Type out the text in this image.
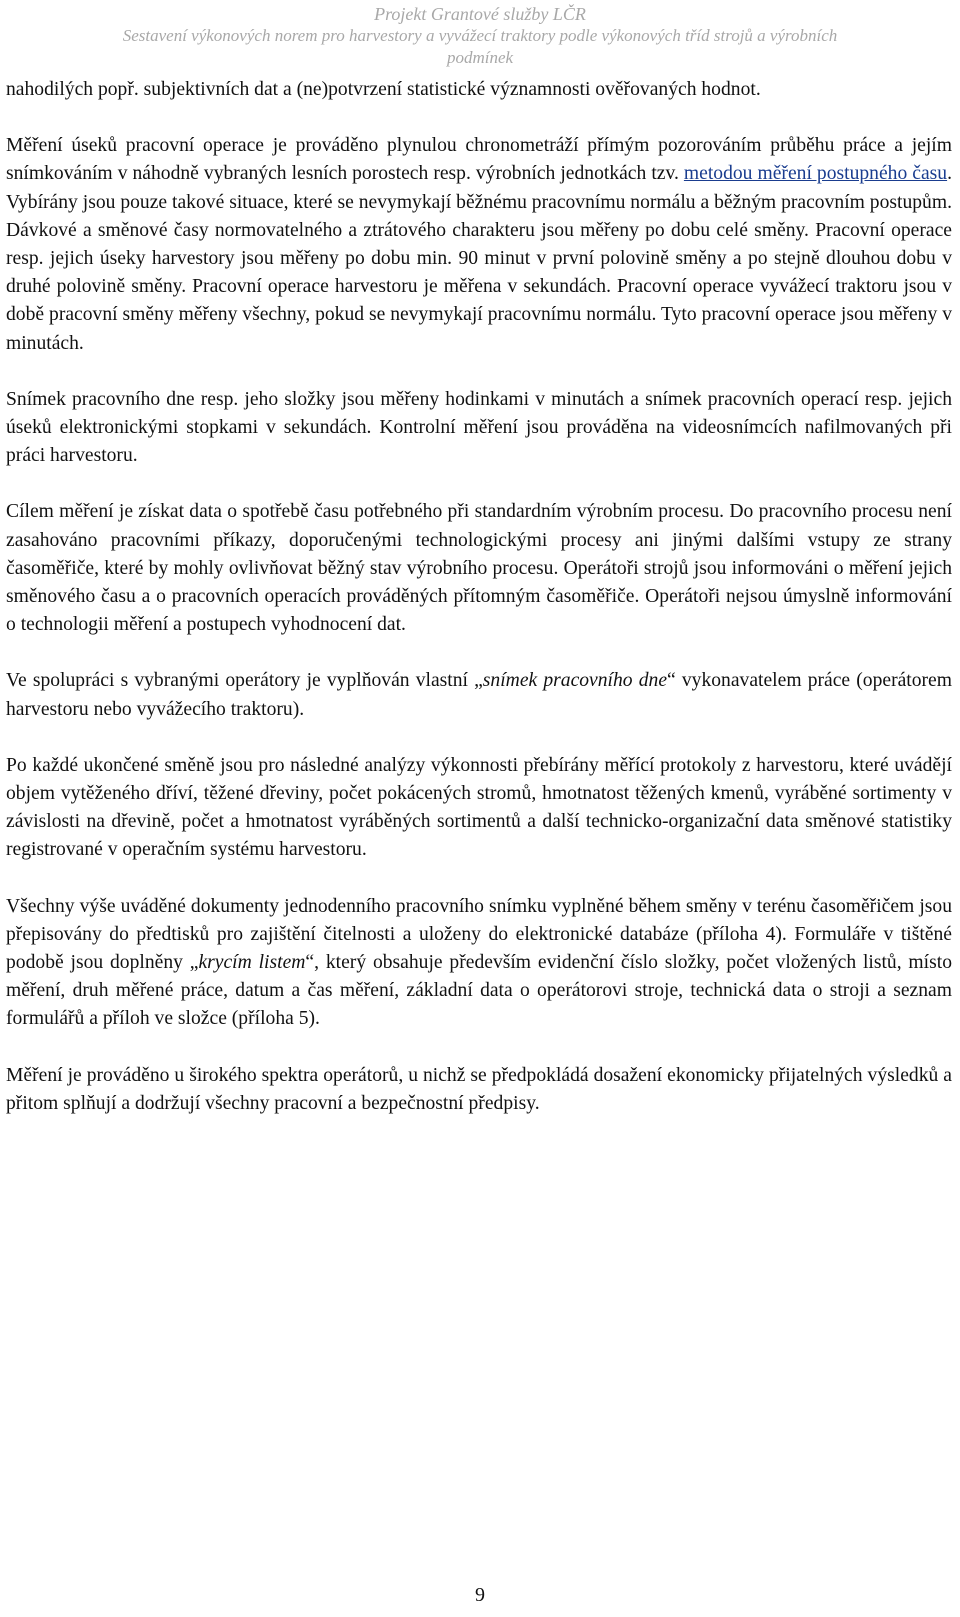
Projekt Grantové služby LČR
Sestavení výkonových norem pro harvestory a vyvážecí traktory podle výkonových tříd strojů a výrobních
podmínek

nahodilých popř. subjektivních dat a (ne)potvrzení statistické významnosti ověřovaných hodnot.

Měření úseků pracovní operace je prováděno plynulou chronometráží přímým pozorováním průběhu práce a jejím snímkováním v náhodně vybraných lesních porostech resp. výrobních jednotkách tzv. metodou měření postupného času. Vybírány jsou pouze takové situace, které se nevymykají běžnému pracovnímu normálu a běžným pracovním postupům. Dávkové a směnové časy normovatelného a ztrátového charakteru jsou měřeny po dobu celé směny. Pracovní operace resp. jejich úseky harvestory jsou měřeny po dobu min. 90 minut v první polovině směny a po stejně dlouhou dobu v druhé polovině směny. Pracovní operace harvestoru je měřena v sekundách. Pracovní operace vyvážecí traktoru jsou v době pracovní směny měřeny všechny, pokud se nevymykají pracovnímu normálu. Tyto pracovní operace jsou měřeny v minutách.

Snímek pracovního dne resp. jeho složky jsou měřeny hodinkami v minutách a snímek pracovních operací resp. jejich úseků elektronickými stopkami v sekundách. Kontrolní měření jsou prováděna na videosnímcích nafilmovaných při práci harvestoru.

Cílem měření je získat data o spotřebě času potřebného při standardním výrobním procesu. Do pracovního procesu není zasahováno pracovními příkazy, doporučenými technologickými procesy ani jinými dalšími vstupy ze strany časoměřiče, které by mohly ovlivňovat běžný stav výrobního procesu. Operátoři strojů jsou informováni o měření jejich směnového času a o pracovních operacích prováděných přítomným časoměřiče. Operátoři nejsou úmyslně informování o technologii měření a postupech vyhodnocení dat.

Ve spolupráci s vybranými operátory je vyplňován vlastní „snímek pracovního dne“ vykonavatelem práce (operátorem harvestoru nebo vyvážecího traktoru).

Po každé ukončené směně jsou pro následné analýzy výkonnosti přebírány měřící protokoly z harvestoru, které uvádějí objem vytěženého dříví, těžené dřeviny, počet pokácených stromů, hmotnatost těžených kmenů, vyráběné sortimenty v závislosti na dřevině, počet a hmotnatost vyráběných sortimentů a další technicko-organizační data směnové statistiky registrované v operačním systému harvestoru.

Všechny výše uváděné dokumenty jednodenního pracovního snímku vyplněné během směny v terénu časoměřičem jsou přepisovány do předtisků pro zajištění čitelnosti a uloženy do elektronické databáze (příloha 4). Formuláře v tištěné podobě jsou doplněny „krycím listem“, který obsahuje především evidenční číslo složky, počet vložených listů, místo měření, druh měřené práce, datum a čas měření, základní data o operátorovi stroje, technická data o stroji a seznam formulářů a příloh ve složce (příloha 5).

Měření je prováděno u širokého spektra operátorů, u nichž se předpokládá dosažení ekonomicky přijatelných výsledků a přitom splňují a dodržují všechny pracovní a bezpečnostní předpisy.

9
